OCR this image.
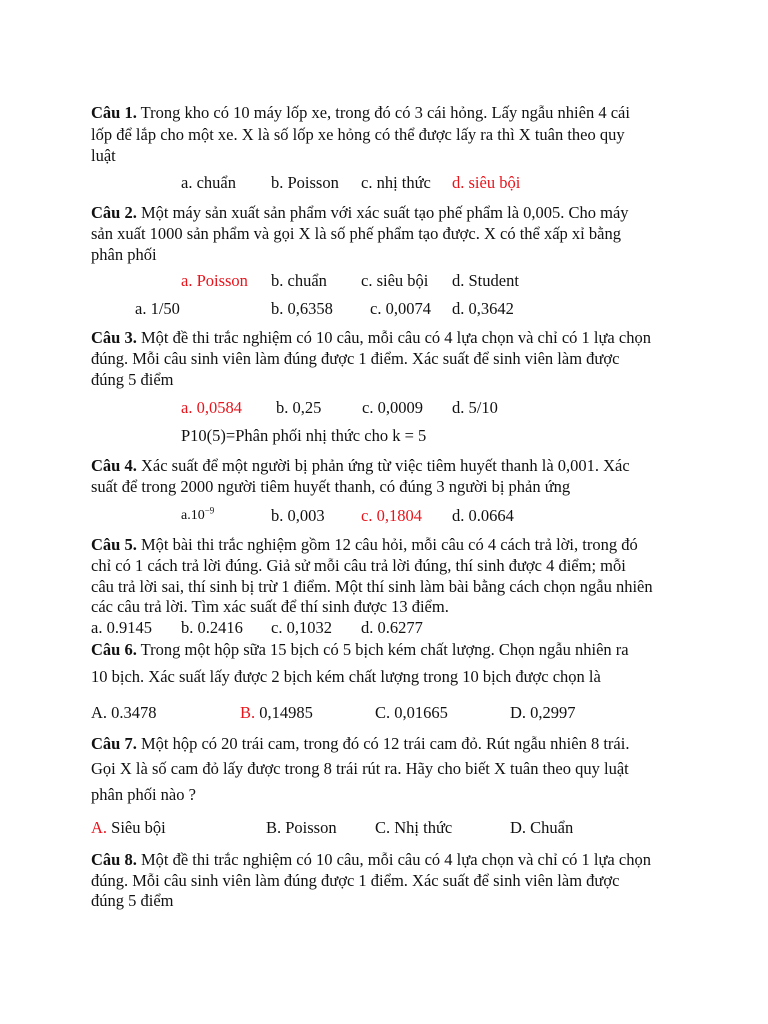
Câu 1. Trong kho có 10 máy lốp xe, trong đó có 3 cái hỏng. Lấy ngẫu nhiên 4 cái
lốp để lắp cho một xe. X là số lốp xe hỏng có thể được lấy ra thì X tuân theo quy
luật
a. chuẩn b. Poisson c. nhị thức d. siêu bội
Câu 2. Một máy sản xuất sản phẩm với xác suất tạo phế phẩm là 0,005. Cho máy
sản xuất 1000 sản phẩm và gọi X là số phế phẩm tạo được. X có thể xấp xỉ bằng
phân phối
a. Poisson b. chuẩn c. siêu bội d. Student
a. 1/50	b. 0,6358 c. 0,0074 d. 0,3642
Câu 3. Một đề thi trắc nghiệm có 10 câu, mỗi câu có 4 lựa chọn và chỉ có 1 lựa chọn
đúng. Mỗi câu sinh viên làm đúng được 1 điểm. Xác suất để sinh viên làm được
đúng 5 điểm
a. 0,0584 b. 0,25 c. 0,0009 d. 5/10
P10(5)=Phân phối nhị thức cho k = 5
Câu 4. Xác suất để một người bị phản ứng từ việc tiêm huyết thanh là 0,001. Xác
suất để trong 2000 người tiêm huyết thanh, có đúng 3 người bị phản ứng
$a.10^{-9}$	b. 0,003 c. 0,1804 d. 0.0664
Câu 5. Một bài thi trắc nghiệm gồm 12 câu hỏi, mỗi câu có 4 cách trả lời, trong đó
chỉ có 1 cách trả lời đúng. Giả sử mỗi câu trả lời đúng, thí sinh được 4 điểm; mỗi
câu trả lời sai, thí sinh bị trừ 1 điểm. Một thí sinh làm bài bằng cách chọn ngẫu nhiên
các câu trả lời. Tìm xác suất để thí sinh được 13 điểm.
a. 0.9145 b. 0.2416 c. 0,1032 d. 0.6277
Câu 6. Trong một hộp sữa 15 bịch có 5 bịch kém chất lượng. Chọn ngẫu nhiên ra
10 bịch. Xác suất lấy được 2 bịch kém chất lượng trong 10 bịch được chọn là
A. 0.3478	B. 0,14985	C. 0,01665	D. 0,2997
Câu 7. Một hộp có 20 trái cam, trong đó có 12 trái cam đỏ. Rút ngẫu nhiên 8 trái.
Gọi X là số cam đỏ lấy được trong 8 trái rút ra. Hãy cho biết X tuân theo quy luật
phân phối nào ?
A. Siêu bội	B. Poisson C. Nhị thức	D. Chuẩn
Câu 8. Một đề thi trắc nghiệm có 10 câu, mỗi câu có 4 lựa chọn và chỉ có 1 lựa chọn
đúng. Mỗi câu sinh viên làm đúng được 1 điểm. Xác suất để sinh viên làm được
đúng 5 điểm
